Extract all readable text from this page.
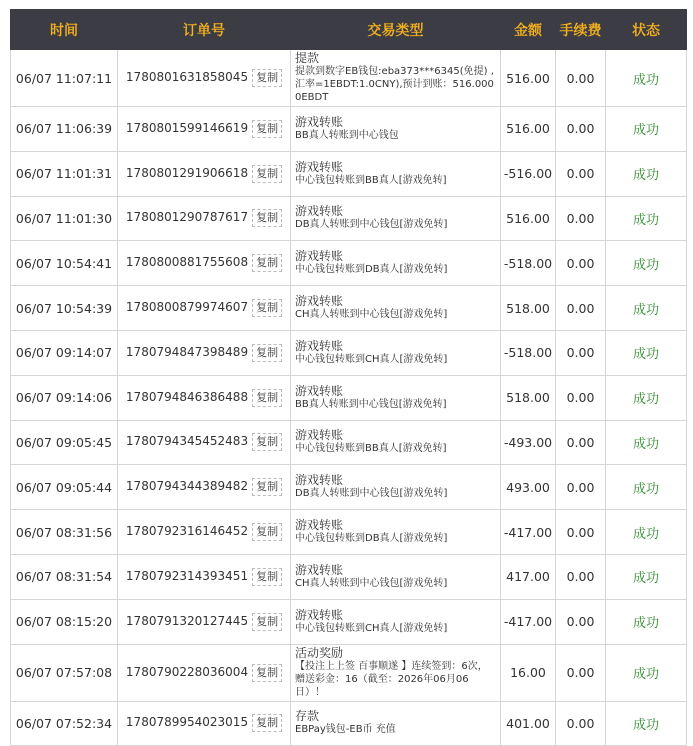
时间	订单号	交易类型	金额	手续费	状态
06/07 11:07:11	1780801631858045 复制	提款
提款到数字EB钱包:eba373***6345(免提) ,汇率=1EBDT:1.0CNY),预计到账：516.0000EBDT	516.00	0.00	成功
06/07 11:06:39	1780801599146619 复制	游戏转账
BB真人转账到中心钱包	516.00	0.00	成功
06/07 11:01:31	1780801291906618 复制	游戏转账
中心钱包转账到BB真人[游戏免转]	-516.00	0.00	成功
06/07 11:01:30	1780801290787617 复制	游戏转账
DB真人转账到中心钱包[游戏免转]	516.00	0.00	成功
06/07 10:54:41	1780800881755608 复制	游戏转账
中心钱包转账到DB真人[游戏免转]	-518.00	0.00	成功
06/07 10:54:39	1780800879974607 复制	游戏转账
CH真人转账到中心钱包[游戏免转]	518.00	0.00	成功
06/07 09:14:07	1780794847398489 复制	游戏转账
中心钱包转账到CH真人[游戏免转]	-518.00	0.00	成功
06/07 09:14:06	1780794846386488 复制	游戏转账
BB真人转账到中心钱包[游戏免转]	518.00	0.00	成功
06/07 09:05:45	1780794345452483 复制	游戏转账
中心钱包转账到BB真人[游戏免转]	-493.00	0.00	成功
06/07 09:05:44	1780794344389482 复制	游戏转账
DB真人转账到中心钱包[游戏免转]	493.00	0.00	成功
06/07 08:31:56	1780792316146452 复制	游戏转账
中心钱包转账到DB真人[游戏免转]	-417.00	0.00	成功
06/07 08:31:54	1780792314393451 复制	游戏转账
CH真人转账到中心钱包[游戏免转]	417.00	0.00	成功
06/07 08:15:20	1780791320127445 复制	游戏转账
中心钱包转账到CH真人[游戏免转]	-417.00	0.00	成功
06/07 07:57:08	1780790228036004 复制	活动奖励
【投注上上签 百事顺遂 】连续签到：6次，赠送彩金：16（截至：2026年06月06日）！	16.00	0.00	成功
06/07 07:52:34	1780789954023015 复制	存款
EBPay钱包-EB币 充值	401.00	0.00	成功
